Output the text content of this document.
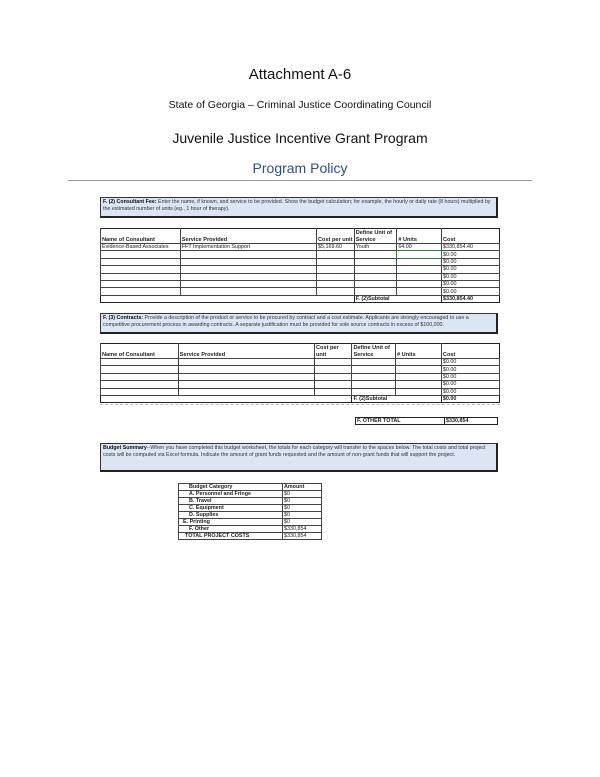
Attachment A-6
State of Georgia – Criminal Justice Coordinating Council
Juvenile Justice Incentive Grant Program
Program Policy
F. (2) Consultant Fee: Enter the name, if known, and service to be provided. Show the budget calculation; for example, the hourly or daily rate (8 hours) multiplied by the estimated number of units (eg., 1 hour of therapy).
Name of Consultant	Service Provided	Cost per unit	Define Unit of Service	# Units	Cost
Evidence-Based Associates	FFT Implementation Support	$5,169.60	Youth	64.00	$330,854.40
					$0.00
					$0.00
					$0.00
					$0.00
					$0.00
					$0.00
			F. (2)Subtotal		$330,854.40
F. (3) Contracts: Provide a description of the product or service to be procured by contract and a cost estimate. Applicants are strongly encouraged to use a competitive procurement process in awarding contracts. A separate justification must be provided for sole source contracts in excess of $100,000.
Name of Consultant	Service Provided	Cost per unit	Define Unit of Service	# Units	Cost
					$0.00
					$0.00
					$0.00
					$0.00
					$0.00
			F. (2)Subtotal		$0.00
F. OTHER TOTAL	$330,854
Budget Summary--When you have completed this budget worksheet, the totals for each category will transfer to the spaces below. The total costs and total project costs will be computed via Excel formula. Indicate the amount of grant funds requested and the amount of non-grant funds that will support the project.
Budget Category	Amount
A. Personnel and Fringe	$0
B. Travel	$0
C. Equipment	$0
D. Supplies	$0
E. Printing	$0
F. Other	$330,854
TOTAL PROJECT COSTS	$330,854
